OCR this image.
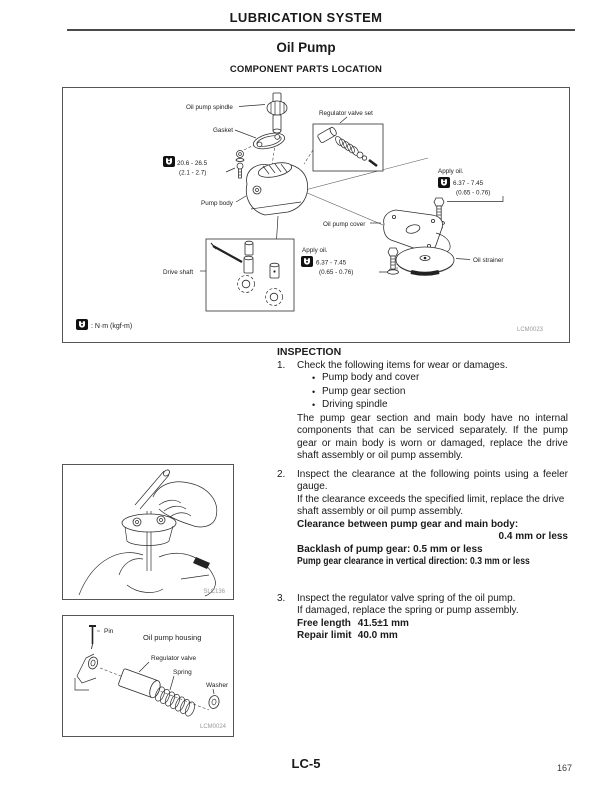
LUBRICATION SYSTEM
Oil Pump
COMPONENT PARTS LOCATION
Oil pump spindle
Regulator valve set
Gasket
20.6 - 26.5
(2.1 - 2.7)
Pump body
Apply oil.
6.37 - 7.45
(0.65 - 0.76)
Oil pump cover
Apply oil.
6.37 - 7.45
(0.65 - 0.76)
Drive shaft
Oil strainer
: N·m (kgf-m)	LCM0023
INSPECTION
1.	Check the following items for wear or damages.
•
Pump body and cover
•
Pump gear section
•
Driving spindle
The pump gear section and main body have no internal components that can be serviced separately. If the pump gear or main body is worn or damaged, replace the drive shaft assembly or oil pump assembly.
2.	Inspect the clearance at the following points using a feeler gauge.
If the clearance exceeds the specified limit, replace the drive shaft assembly or oil pump assembly.
Clearance between pump gear and main body:
0.4 mm or less
Backlash of pump gear: 0.5 mm or less
Pump gear clearance in vertical direction: 0.3 mm or less
3.	Inspect the regulator valve spring of the oil pump.
If damaged, replace the spring or pump assembly.
Free length 41.5±1 mm
Repair limit 40.0 mm
SLC136
Pin
Oil pump housing
Regulator valve
Spring
Washer
LCM0024
LC-5	167
